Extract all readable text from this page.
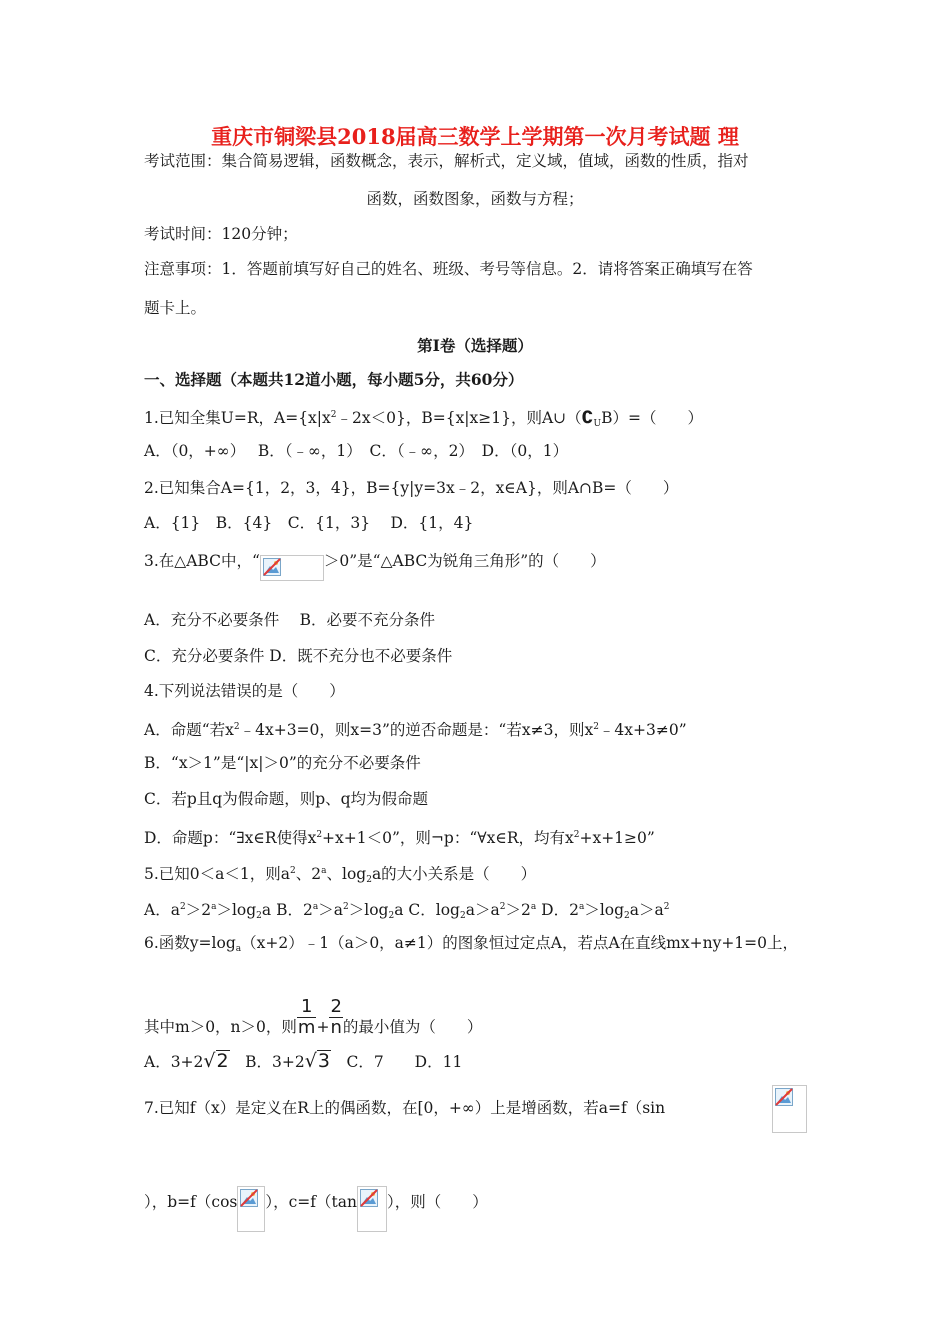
重庆市铜梁县2018届高三数学上学期第一次月考试题 理
考试范围：集合简易逻辑，函数概念，表示，解析式，定义域，值域，函数的性质，指对
函数，函数图象，函数与方程；
考试时间：120分钟；
注意事项：1．答题前填写好自己的姓名、班级、考号等信息。2．请将答案正确填写在答
题卡上。
第Ⅰ卷（选择题）
一、选择题（本题共12道小题，每小题5分，共60分）
1.已知全集U=R，$A=\{x|x^2﹣2x<0\}$，B={x|x≥1}，则$A\cup(∁_UB)=$（　　）
A．（0，+∞）　 B．（﹣∞，1）　C．（﹣∞，2）　D．（0，1）
2.已知集合A={1，2，3，4}，B={y|y=3x﹣2，x∈A}，则A∩B=（　　）
A．{1}　B．{4}　C．{1，3}　 D．{1，4}
3.在△ABC中，“	＞0”是“△ABC为锐角三角形”的（　　）
A．充分不必要条件　 B．必要不充分条件
C．充分必要条件 D．既不充分也不必要条件
4.下列说法错误的是（　　）
A．命题“若$x^2﹣4x+3=0$，则x=3”的逆否命题是：“若x≠3，则$x^2﹣4x+3\ne 0$”
B．“x＞1”是“|x|＞0”的充分不必要条件
C．若p且q为假命题，则p、q均为假命题
D．命题p：“∃x∈R使得$x^2+x+1<0$”，则¬p：“∀x∈R，均有$x^2+x+1\ge 0$”
5.已知0＜a＜1，则$a^2$、2$^a$、$\log_2a$的大小关系是（　　）
A．$a^2>2^a>\log_2a$ B．$2^a>a^2>\log_2a$ C．$\log_2a>a^2>2^a$ D．$2^a>\log_2a>a^2$
6.函数$y=\log_a(x+2)﹣1(a>0$，a≠1）的图象恒过定点A，若点A在直线mx+ny+1=0上，
其中m＞0，n＞0，则 $\frac{1}{m} + \frac{2}{n}$ 的最小值为（　　）
A．3+2√2　 B．3+2√3　 C．7　　D．11
7.已知f（x）是定义在R上的偶函数，在[0，+∞）上是增函数，若a=f（sin
），b=f（cos ），c=f（tan ），则（　　）
